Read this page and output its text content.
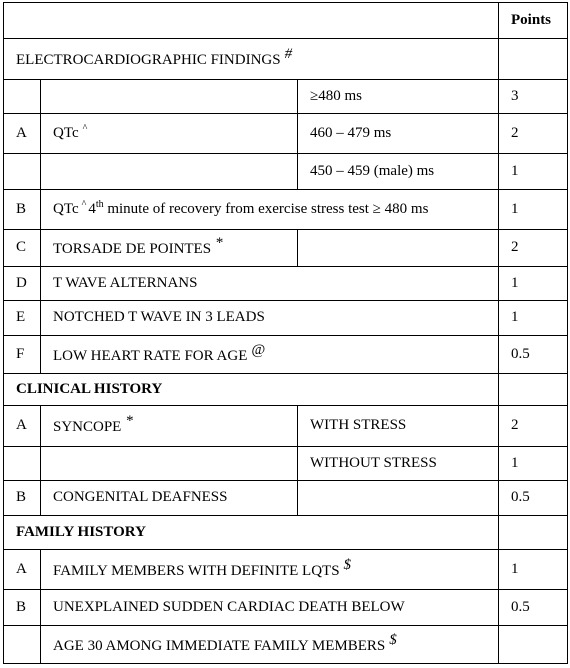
			Points
ELECTROCARDIOGRAPHIC FINDINGS #			
		≥480 ms	3
A	QTc ^	460 – 479 ms	2
		450 – 459 (male) ms	1
B	QTc ^ 4th minute of recovery from exercise stress test ≥ 480 ms		1
C	TORSADE DE POINTES *		2
D	T WAVE ALTERNANS		1
E	NOTCHED T WAVE IN 3 LEADS		1
F	LOW HEART RATE FOR AGE @		0.5
CLINICAL HISTORY			
A	SYNCOPE *	WITH STRESS	2
		WITHOUT STRESS	1
B	CONGENITAL DEAFNESS		0.5
FAMILY HISTORY			
A	FAMILY MEMBERS WITH DEFINITE LQTS $		1
B	UNEXPLAINED SUDDEN CARDIAC DEATH BELOW		0.5
	AGE 30 AMONG IMMEDIATE FAMILY MEMBERS $		
